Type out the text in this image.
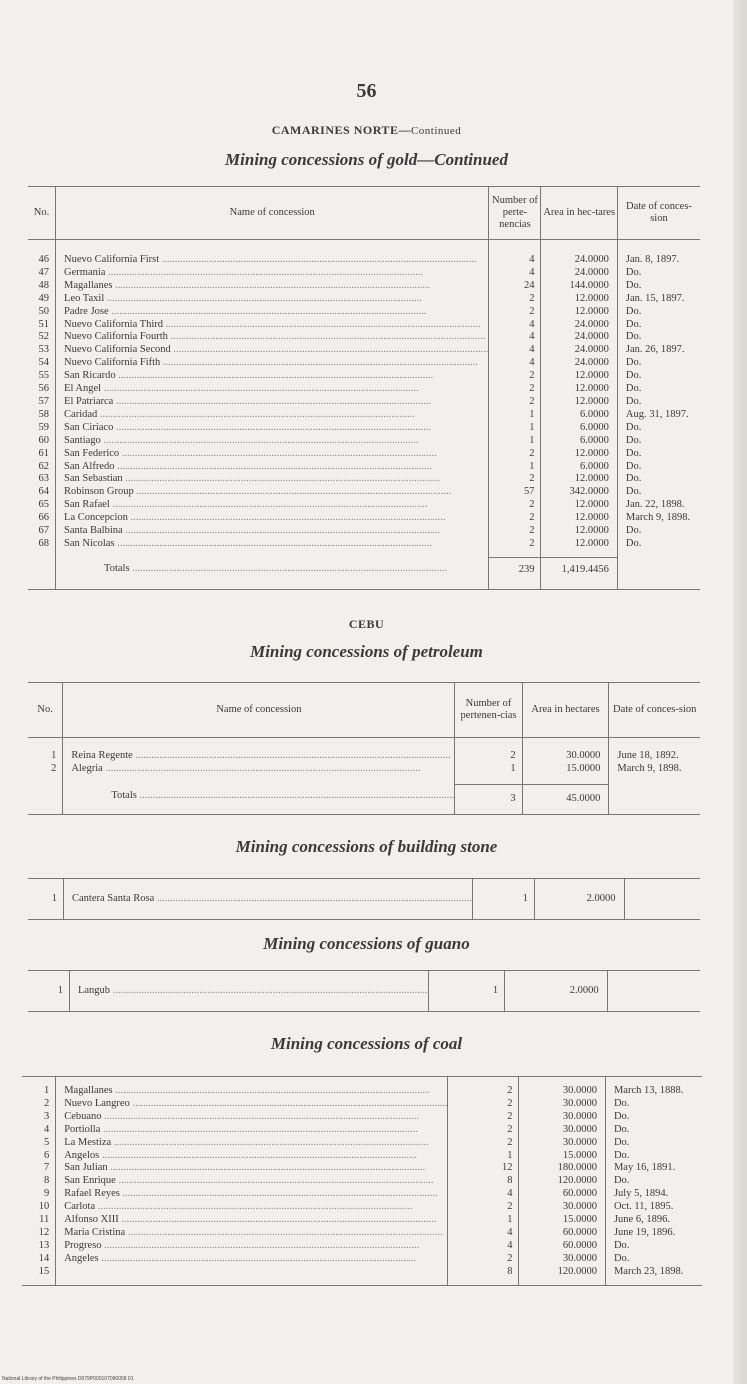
56
CAMARINES NORTE—Continued
Mining concessions of gold—Continued
No.	Name of concession	Number of perte-nencias	Area in hec-tares	Date of conces-sion
46	Nuevo California First .....	4	24.0000	Jan. 8, 1897.
47	Germania .....	4	24.0000	Do.
48	Magallanes .....	24	144.0000	Do.
49	Leo Taxil .....	2	12.0000	Jan. 15, 1897.
50	Padre Jose .....	2	12.0000	Do.
51	Nuevo California Third .....	4	24.0000	Do.
52	Nuevo California Fourth .....	4	24.0000	Do.
53	Nuevo California Second .....	4	24.0000	Jan. 26, 1897.
54	Nuevo California Fifth .....	4	24.0000	Do.
55	San Ricardo .....	2	12.0000	Do.
56	El Angel .....	2	12.0000	Do.
57	El Patriarca .....	2	12.0000	Do.
58	Caridad .....	1	6.0000	Aug. 31, 1897.
59	San Ciriaco .....	1	6.0000	Do.
60	Santiago .....	1	6.0000	Do.
61	San Federico .....	2	12.0000	Do.
62	San Alfredo .....	1	6.0000	Do.
63	San Sebastian .....	2	12.0000	Do.
64	Robinson Group .....	57	342.0000	Do.
65	San Rafael .....	2	12.0000	Jan. 22, 1898.
66	La Concepcion .....	2	12.0000	March 9, 1898.
67	Santa Balbina .....	2	12.0000	Do.
68	San Nicolas .....	2	12.0000	Do.
	Totals .....	239	1,419.4456	
CEBU
Mining concessions of petroleum
No.	Name of concession	Number of pertenen-cias	Area in hectares	Date of conces-sion
1	Reina Regente .....	2	30.0000	June 18, 1892.
2	Alegria .....	1	15.0000	March 9, 1898.
	Totals .....	3	45.0000	
Mining concessions of building stone
1	Cantera Santa Rosa .....	1	2.0000	
Mining concessions of guano
1	Langub .....	1	2.0000	
Mining concessions of coal
1	Magallanes .....	2	30.0000	March 13, 1888.
2	Nuevo Langreo .....	2	30.0000	Do.
3	Cebuano .....	2	30.0000	Do.
4	Portiolla .....	2	30.0000	Do.
5	La Mestiza .....	2	30.0000	Do.
6	Angelos .....	1	15.0000	Do.
7	San Julian .....	12	180.0000	May 16, 1891.
8	San Enrique .....	8	120.0000	Do.
9	Rafael Reyes .....	4	60.0000	July 5, 1894.
10	Carlota .....	2	30.0000	Oct. 11, 1895.
11	Alfonso XIII .....	1	15.0000	June 6, 1896.
12	Maria Cristina .....	4	60.0000	June 19, 1896.
13	Progreso .....	4	60.0000	Do.
14	Angeles .....	2	30.0000	Do.
15		8	120.0000	March 23, 1898.
National Library of the Philippines D079P000107090058 01
